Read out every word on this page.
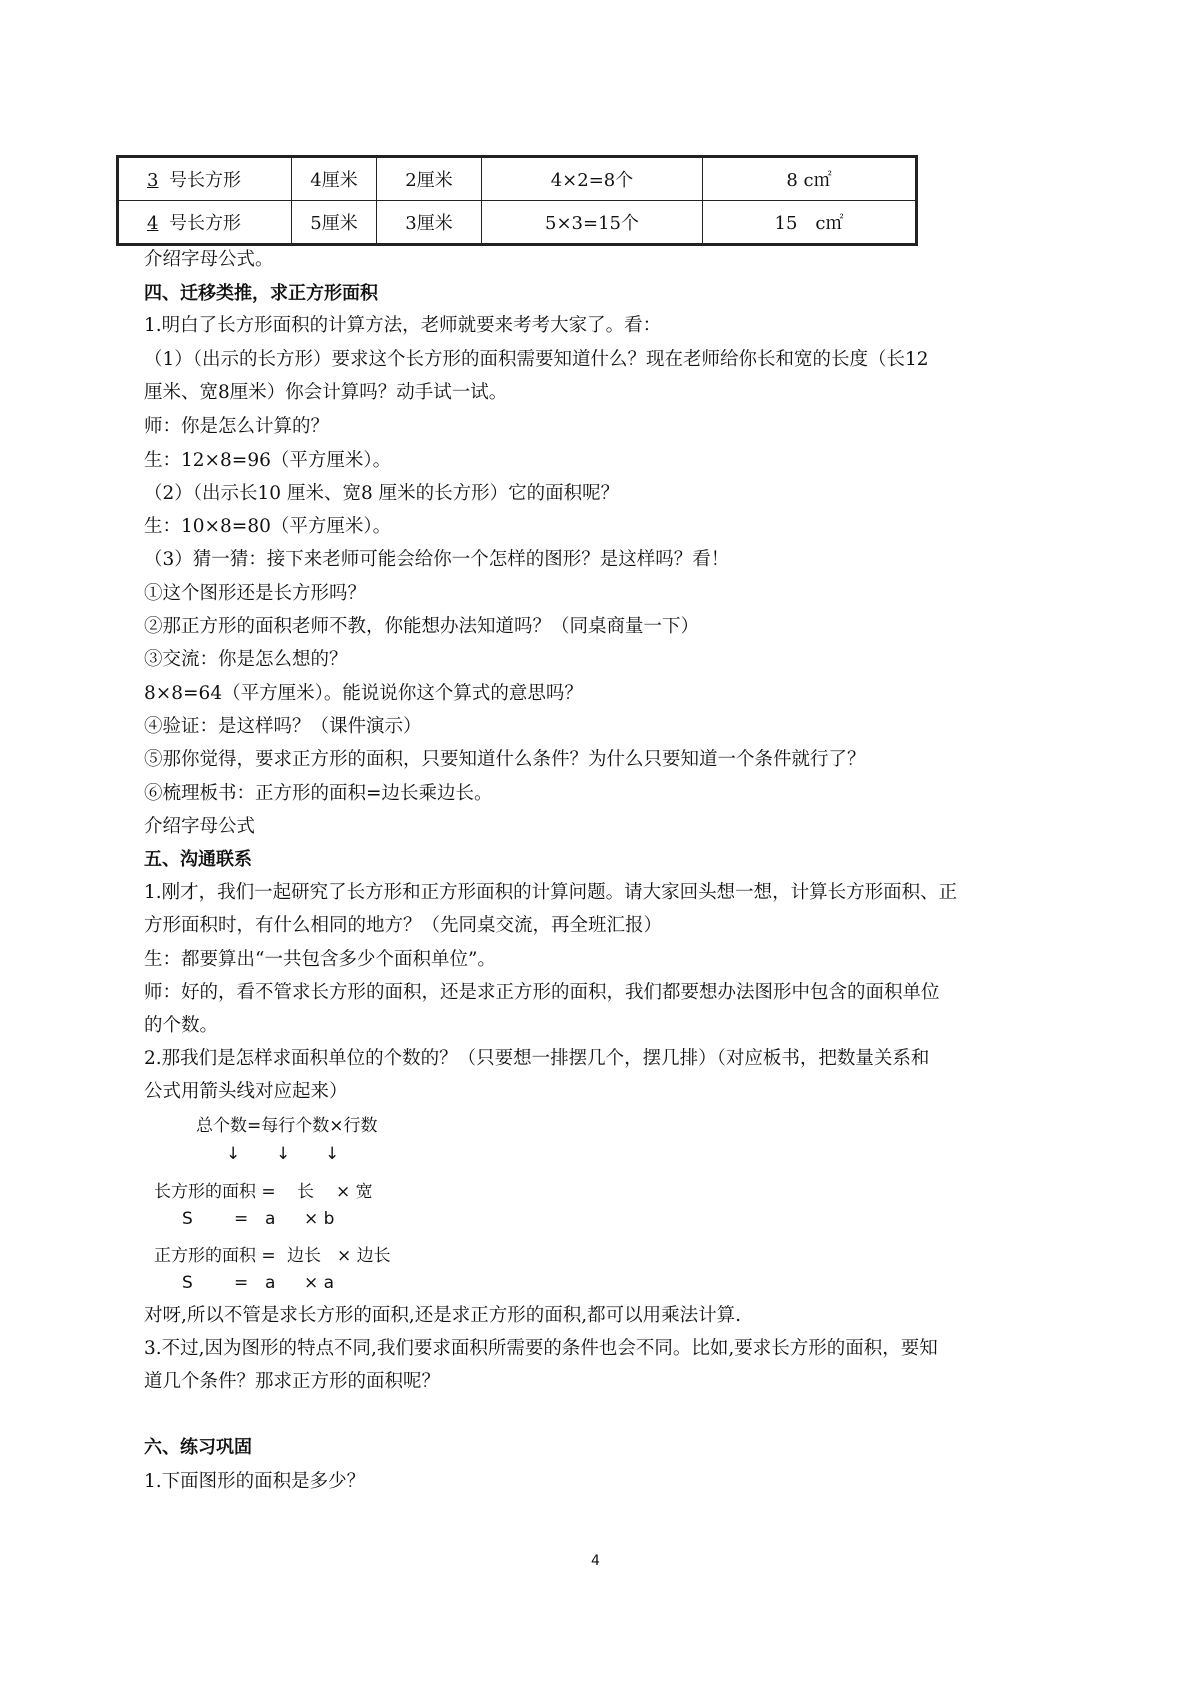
3 号长方形	4厘米	2厘米	4×2=8个	8 c㎡
4 号长方形	5厘米	3厘米	5×3=15个	15　c㎡
介绍字母公式。
四、迁移类推，求正方形面积
1.明白了长方形面积的计算方法，老师就要来考考大家了。看：
（1）（出示的长方形）要求这个长方形的面积需要知道什么？现在老师给你长和宽的长度（长12
厘米、宽8厘米）你会计算吗？动手试一试。
师：你是怎么计算的？
生：12×8=96（平方厘米）。
（2）（出示长10 厘米、宽8 厘米的长方形）它的面积呢？
生：10×8=80（平方厘米）。
（3）猜一猜：接下来老师可能会给你一个怎样的图形？是这样吗？看！
①这个图形还是长方形吗？
②那正方形的面积老师不教，你能想办法知道吗？（同桌商量一下）
③交流：你是怎么想的？
8×8=64（平方厘米）。能说说你这个算式的意思吗？
④验证：是这样吗？（课件演示）
⑤那你觉得，要求正方形的面积，只要知道什么条件？为什么只要知道一个条件就行了？
⑥梳理板书：正方形的面积=边长乘边长。
介绍字母公式
五、沟通联系
1.刚才，我们一起研究了长方形和正方形面积的计算问题。请大家回头想一想，计算长方形面积、正
方形面积时，有什么相同的地方？（先同桌交流，再全班汇报）
生：都要算出“一共包含多少个面积单位”。
师：好的，看不管求长方形的面积，还是求正方形的面积，我们都要想办法图形中包含的面积单位
的个数。
2.那我们是怎样求面积单位的个数的？（只要想一排摆几个，摆几排）（对应板书，把数量关系和
公式用箭头线对应起来）
总个数=每行个数×行数
↓ ↓ ↓
长方形的面积 = 长 × 宽
S = a × b
正方形的面积 = 边长 × 边长
S = a × a
对呀,所以不管是求长方形的面积,还是求正方形的面积,都可以用乘法计算.
3.不过,因为图形的特点不同,我们要求面积所需要的条件也会不同。比如,要求长方形的面积，要知
道几个条件？那求正方形的面积呢？
六、练习巩固
1.下面图形的面积是多少？
4
